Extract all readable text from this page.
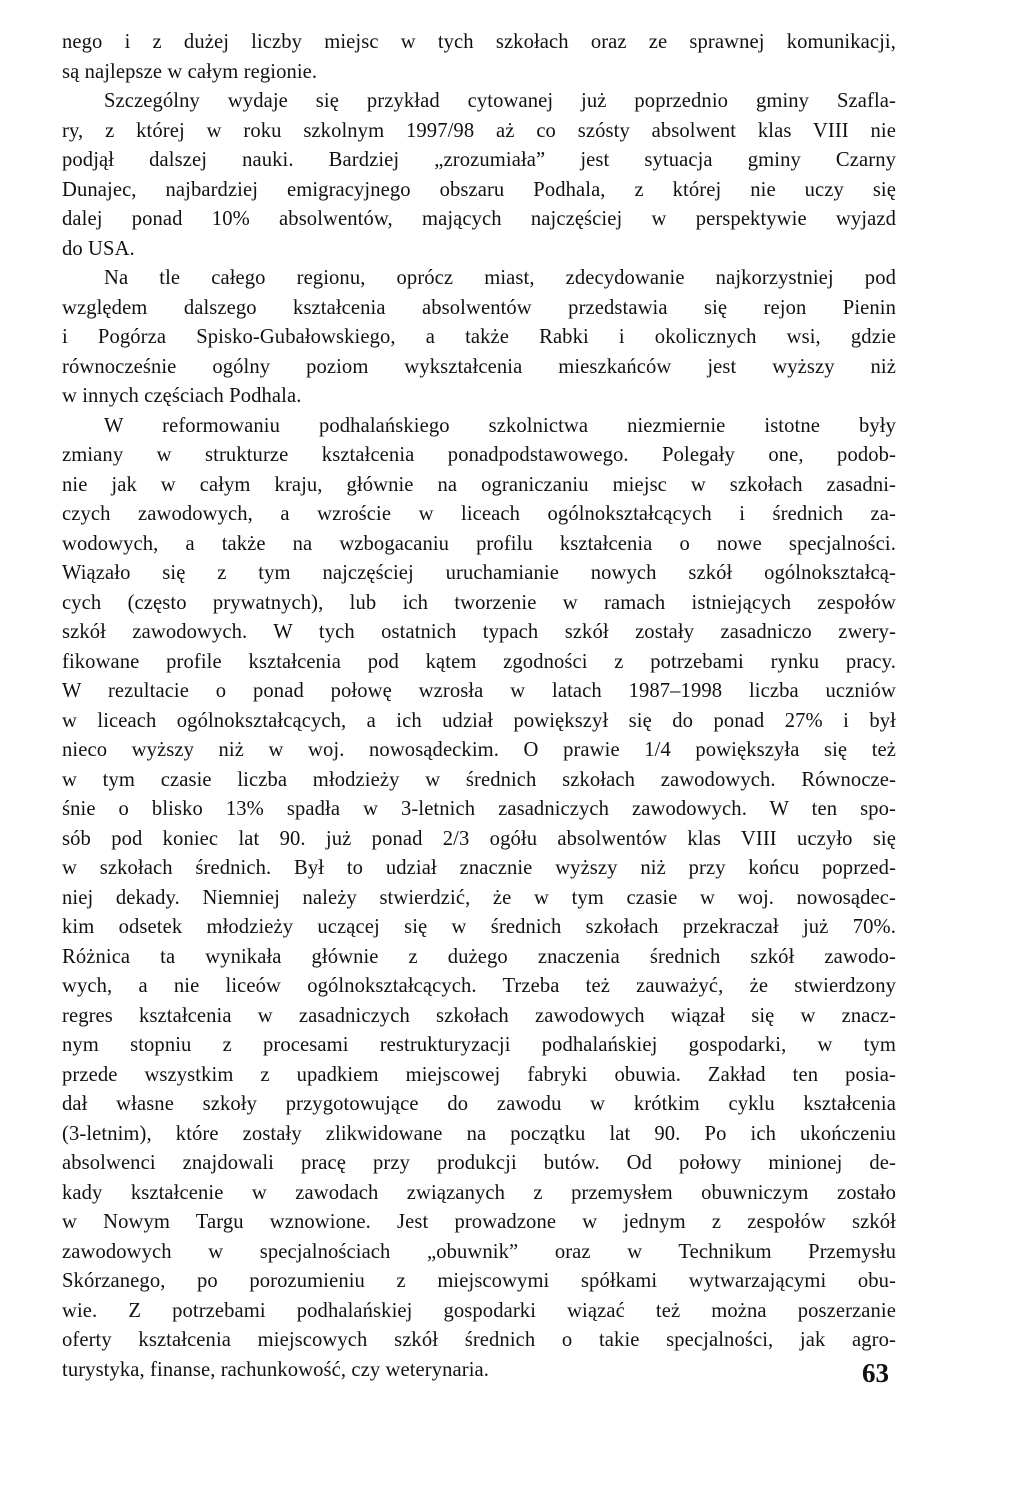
nego i z dużej liczby miejsc w tych szkołach oraz ze sprawnej komunikacji,
są najlepsze w całym regionie.
Szczególny wydaje się przykład cytowanej już poprzednio gminy Szafla-
ry, z której w roku szkolnym 1997/98 aż co szósty absolwent klas VIII nie
podjął dalszej nauki. Bardziej „zrozumiała” jest sytuacja gminy Czarny
Dunajec, najbardziej emigracyjnego obszaru Podhala, z której nie uczy się
dalej ponad 10% absolwentów, mających najczęściej w perspektywie wyjazd
do USA.
Na tle całego regionu, oprócz miast, zdecydowanie najkorzystniej pod
względem dalszego kształcenia absolwentów przedstawia się rejon Pienin
i Pogórza Spisko-Gubałowskiego, a także Rabki i okolicznych wsi, gdzie
równocześnie ogólny poziom wykształcenia mieszkańców jest wyższy niż
w innych częściach Podhala.
W reformowaniu podhalańskiego szkolnictwa niezmiernie istotne były
zmiany w strukturze kształcenia ponadpodstawowego. Polegały one, podob-
nie jak w całym kraju, głównie na ograniczaniu miejsc w szkołach zasadni-
czych zawodowych, a wzroście w liceach ogólnokształcących i średnich za-
wodowych, a także na wzbogacaniu profilu kształcenia o nowe specjalności.
Wiązało się z tym najczęściej uruchamianie nowych szkół ogólnokształcą-
cych (często prywatnych), lub ich tworzenie w ramach istniejących zespołów
szkół zawodowych. W tych ostatnich typach szkół zostały zasadniczo zwery-
fikowane profile kształcenia pod kątem zgodności z potrzebami rynku pracy.
W rezultacie o ponad połowę wzrosła w latach 1987–1998 liczba uczniów
w liceach ogólnokształcących, a ich udział powiększył się do ponad 27% i był
nieco wyższy niż w woj. nowosądeckim. O prawie 1/4 powiększyła się też
w tym czasie liczba młodzieży w średnich szkołach zawodowych. Równocze-
śnie o blisko 13% spadła w 3-letnich zasadniczych zawodowych. W ten spo-
sób pod koniec lat 90. już ponad 2/3 ogółu absolwentów klas VIII uczyło się
w szkołach średnich. Był to udział znacznie wyższy niż przy końcu poprzed-
niej dekady. Niemniej należy stwierdzić, że w tym czasie w woj. nowosądec-
kim odsetek młodzieży uczącej się w średnich szkołach przekraczał już 70%.
Różnica ta wynikała głównie z dużego znaczenia średnich szkół zawodo-
wych, a nie liceów ogólnokształcących. Trzeba też zauważyć, że stwierdzony
regres kształcenia w zasadniczych szkołach zawodowych wiązał się w znacz-
nym stopniu z procesami restrukturyzacji podhalańskiej gospodarki, w tym
przede wszystkim z upadkiem miejscowej fabryki obuwia. Zakład ten posia-
dał własne szkoły przygotowujące do zawodu w krótkim cyklu kształcenia
(3-letnim), które zostały zlikwidowane na początku lat 90. Po ich ukończeniu
absolwenci znajdowali pracę przy produkcji butów. Od połowy minionej de-
kady kształcenie w zawodach związanych z przemysłem obuwniczym zostało
w Nowym Targu wznowione. Jest prowadzone w jednym z zespołów szkół
zawodowych w specjalnościach „obuwnik” oraz w Technikum Przemysłu
Skórzanego, po porozumieniu z miejscowymi spółkami wytwarzającymi obu-
wie. Z potrzebami podhalańskiej gospodarki wiązać też można poszerzanie
oferty kształcenia miejscowych szkół średnich o takie specjalności, jak agro-
turystyka, finanse, rachunkowość, czy weterynaria.	63
